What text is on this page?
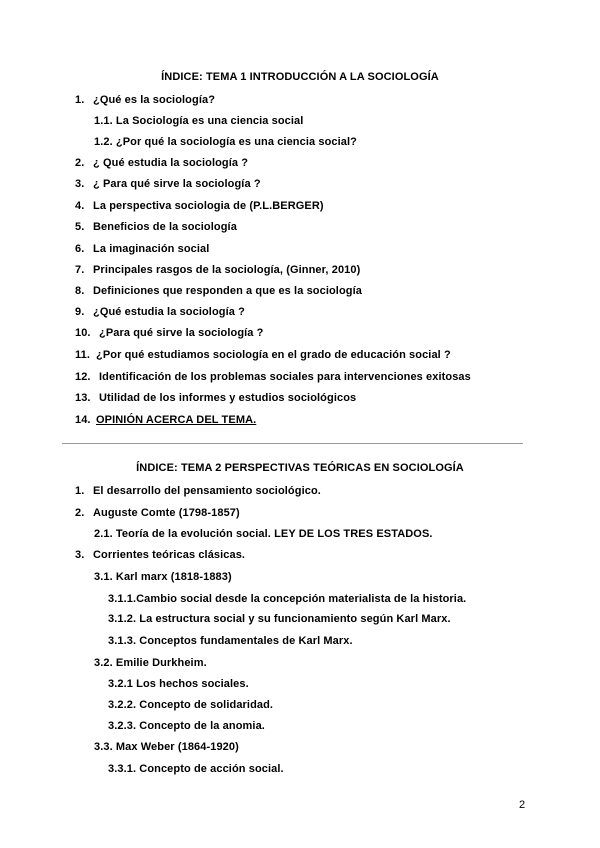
ÍNDICE: TEMA 1 INTRODUCCIÓN A LA SOCIOLOGÍA
1. ¿Qué es la sociología?
1.1. La Sociología es una ciencia social
1.2. ¿Por qué la sociología es una ciencia social?
2. ¿ Qué estudia la sociología ?
3. ¿ Para qué sirve la sociología ?
4. La perspectiva sociologia de (P.L.BERGER)
5. Beneficios de la sociología
6. La imaginación social
7. Principales rasgos de la sociología, (Ginner, 2010)
8. Definiciones que responden a que es la sociología
9. ¿Qué estudia la sociología ?
10. ¿Para qué sirve la sociología ?
11. ¿Por qué estudiamos sociología en el grado de educación social ?
12. Identificación de los problemas sociales para intervenciones exitosas
13. Utilidad de los informes y estudios sociológicos
14. OPINIÓN ACERCA DEL TEMA.
ÍNDICE: TEMA 2 PERSPECTIVAS TEÓRICAS EN SOCIOLOGÍA
1. El desarrollo del pensamiento sociológico.
2. Auguste Comte (1798-1857)
2.1. Teoría de la evolución social. LEY DE LOS TRES ESTADOS.
3. Corrientes teóricas clásicas.
3.1. Karl marx (1818-1883)
3.1.1.Cambio social desde la concepción materialista de la historia.
3.1.2. La estructura social y su funcionamiento según Karl Marx.
3.1.3. Conceptos fundamentales de Karl Marx.
3.2. Emilie Durkheim.
3.2.1 Los hechos sociales.
3.2.2. Concepto de solidaridad.
3.2.3. Concepto de la anomia.
3.3. Max Weber (1864-1920)
3.3.1. Concepto de acción social.
2
